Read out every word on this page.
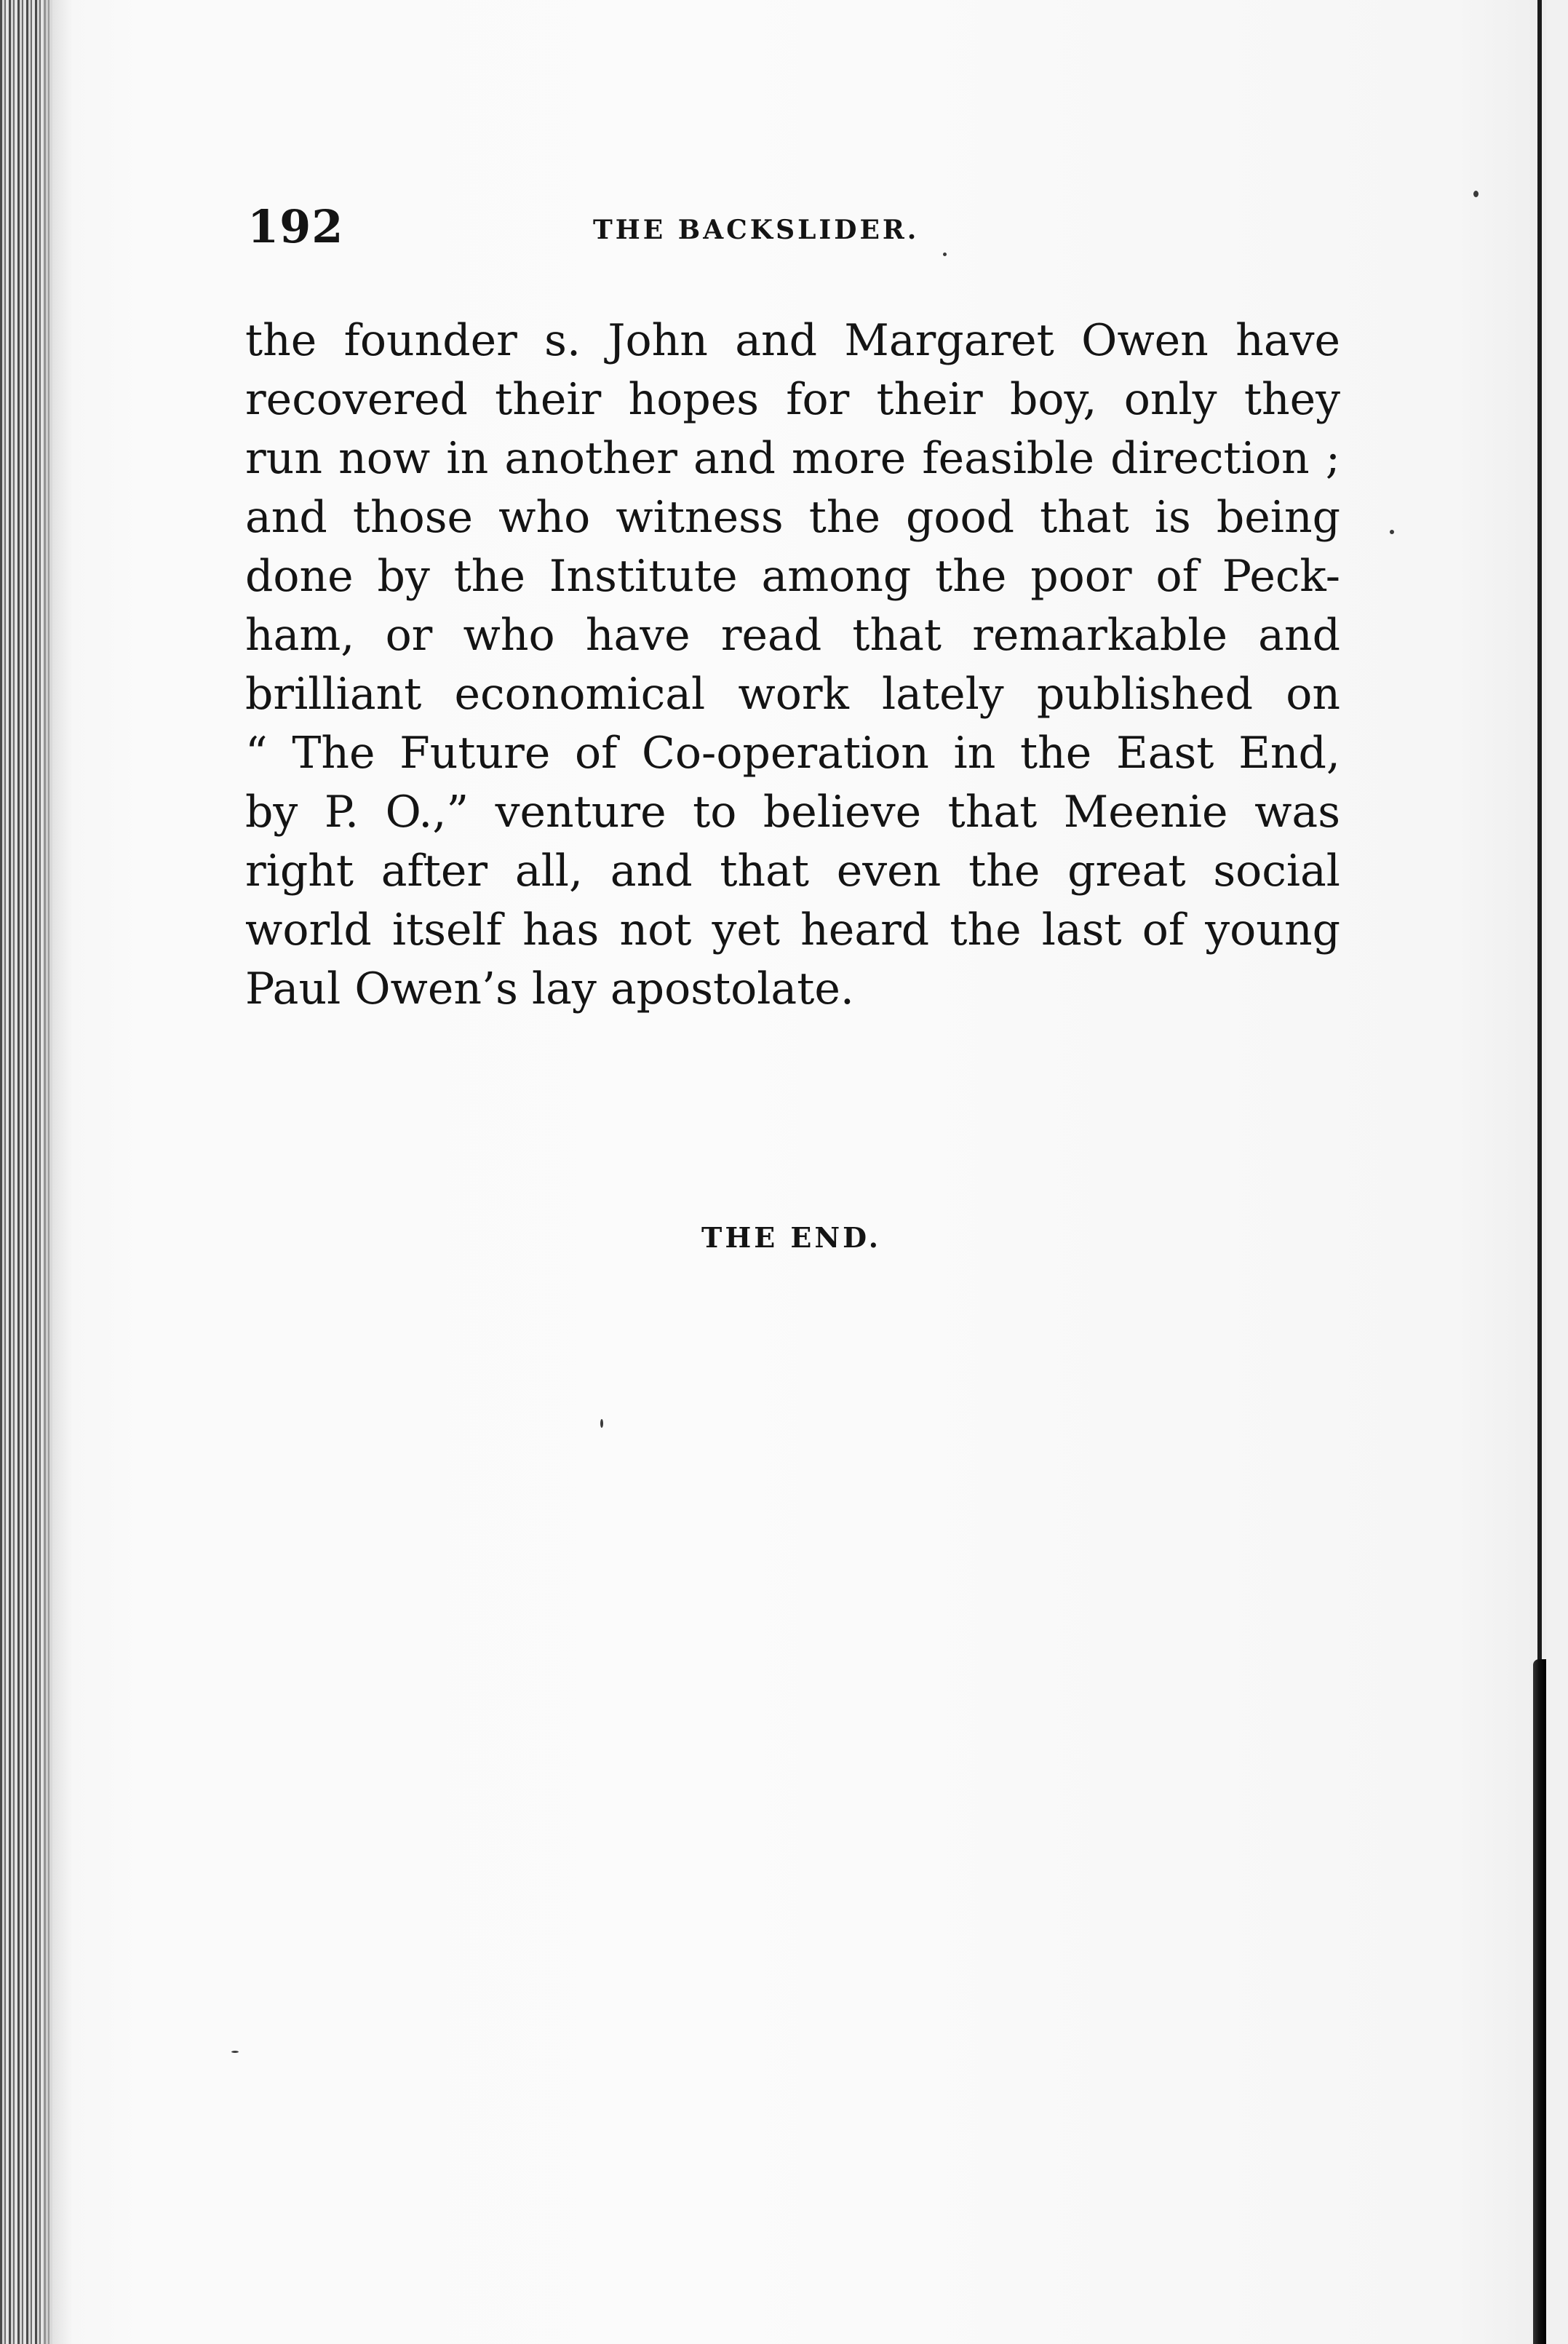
192	THE BACKSLIDER.
the founder s. John and Margaret Owen have
recovered their hopes for their boy, only they
run now in another and more feasible direction ;
and those who witness the good that is being
done by the Institute among the poor of Peck-
ham, or who have read that remarkable and
brilliant economical work lately published on
“ The Future of Co-operation in the East End,
by P. O.,” venture to believe that Meenie was
right after all, and that even the great social
world itself has not yet heard the last of young
Paul Owen’s lay apostolate.
THE END.
